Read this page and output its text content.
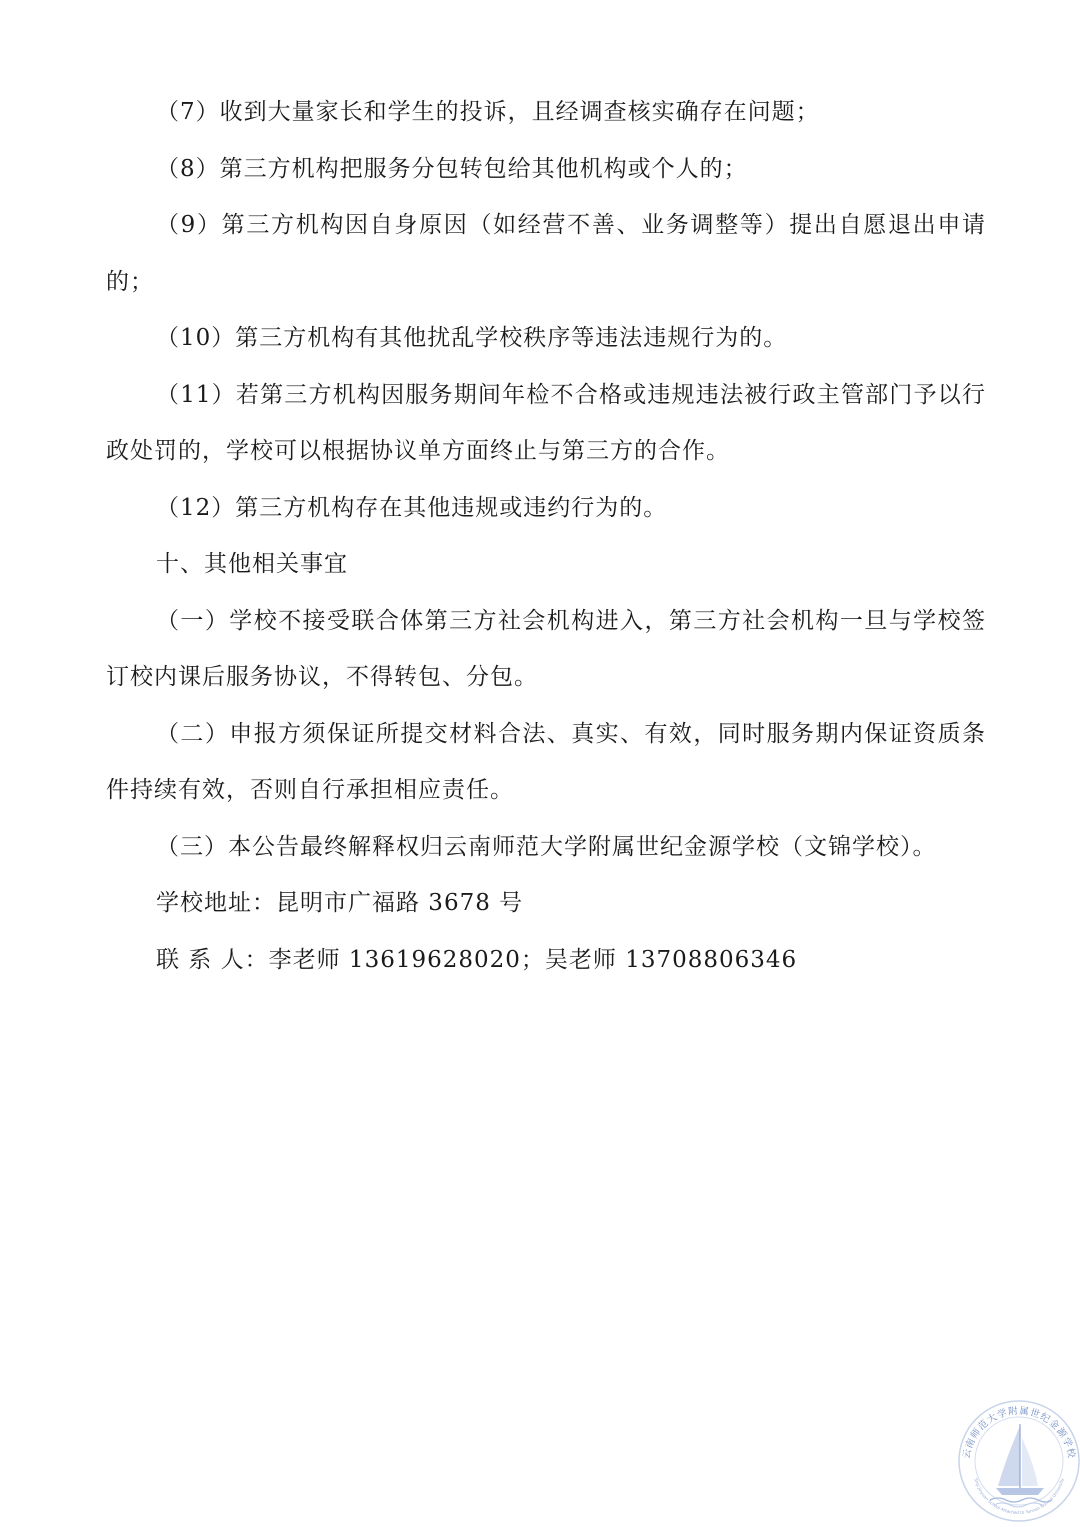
（7）收到大量家长和学生的投诉，且经调查核实确存在问题；

（8）第三方机构把服务分包转包给其他机构或个人的；

（9）第三方机构因自身原因（如经营不善、业务调整等）提出自愿退出申请的；

（10）第三方机构有其他扰乱学校秩序等违法违规行为的。

（11）若第三方机构因服务期间年检不合格或违规违法被行政主管部门予以行政处罚的，学校可以根据协议单方面终止与第三方的合作。

（12）第三方机构存在其他违规或违约行为的。

十、其他相关事宜

（一）学校不接受联合体第三方社会机构进入，第三方社会机构一旦与学校签订校内课后服务协议，不得转包、分包。

（二）申报方须保证所提交材料合法、真实、有效，同时服务期内保证资质条件持续有效，否则自行承担相应责任。

（三）本公告最终解释权归云南师范大学附属世纪金源学校（文锦学校）。

学校地址：昆明市广福路 3678 号

联 系 人：李老师 13619628020；吴老师 13708806346

云南师范大学附属世纪金源学校
Shiji Jinyuan School Attached to Yunnan Normal University
